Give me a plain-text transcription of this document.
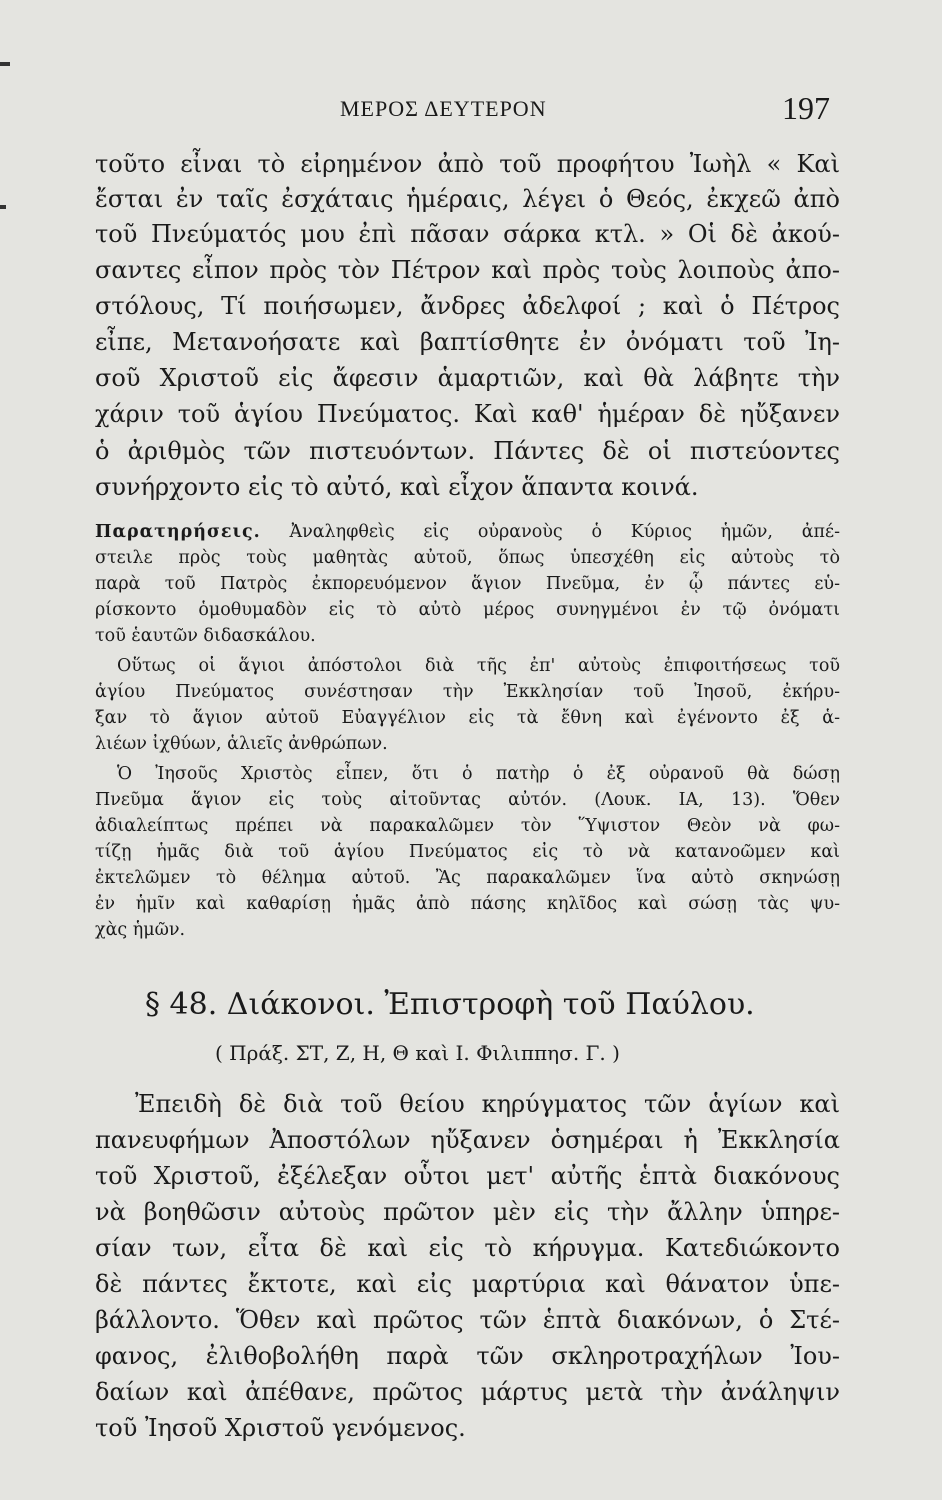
ΜΕΡΟΣ ΔΕΥΤΕΡΟΝ	197
τοῦτο εἶναι τὸ εἰρημένον ἀπὸ τοῦ προφήτου Ἰωὴλ « Καὶ
ἔσται ἐν ταῖς ἐσχάταις ἡμέραις, λέγει ὁ Θεός, ἐκχεῶ ἀπὸ
τοῦ Πνεύματός μου ἐπὶ πᾶσαν σάρκα κτλ. » Οἱ δὲ ἀκού-
σαντες εἶπον πρὸς τὸν Πέτρον καὶ πρὸς τοὺς λοιποὺς ἀπο-
στόλους, Τί ποιήσωμεν, ἄνδρες ἀδελφοί ; καὶ ὁ Πέτρος
εἶπε, Μετανοήσατε καὶ βαπτίσθητε ἐν ὀνόματι τοῦ Ἰη-
σοῦ Χριστοῦ εἰς ἄφεσιν ἁμαρτιῶν, καὶ θὰ λάβητε τὴν
χάριν τοῦ ἁγίου Πνεύματος. Καὶ καθ' ἡμέραν δὲ ηὔξανεν
ὁ ἀριθμὸς τῶν πιστευόντων. Πάντες δὲ οἱ πιστεύοντες
συνήρχοντο εἰς τὸ αὐτό, καὶ εἶχον ἅπαντα κοινά.
Παρατηρήσεις. Ἀναληφθεὶς εἰς οὐρανοὺς ὁ Κύριος ἡμῶν, ἀπέ-
στειλε πρὸς τοὺς μαθητὰς αὐτοῦ, ὅπως ὑπεσχέθη εἰς αὐτοὺς τὸ
παρὰ τοῦ Πατρὸς ἐκπορευόμενον ἅγιον Πνεῦμα, ἐν ᾧ πάντες εὑ-
ρίσκοντο ὁμοθυμαδὸν εἰς τὸ αὐτὸ μέρος συνηγμένοι ἐν τῷ ὀνόματι
τοῦ ἑαυτῶν διδασκάλου.
Οὕτως οἱ ἅγιοι ἀπόστολοι διὰ τῆς ἐπ' αὐτοὺς ἐπιφοιτήσεως τοῦ
ἁγίου Πνεύματος συνέστησαν τὴν Ἐκκλησίαν τοῦ Ἰησοῦ, ἐκήρυ-
ξαν τὸ ἅγιον αὐτοῦ Εὐαγγέλιον εἰς τὰ ἔθνη καὶ ἐγένοντο ἐξ ἁ-
λιέων ἰχθύων, ἁλιεῖς ἀνθρώπων.
Ὁ Ἰησοῦς Χριστὸς εἶπεν, ὅτι ὁ πατὴρ ὁ ἐξ οὐρανοῦ θὰ δώσῃ
Πνεῦμα ἅγιον εἰς τοὺς αἰτοῦντας αὐτόν. (Λουκ. ΙΑ, 13). Ὅθεν
ἀδιαλείπτως πρέπει νὰ παρακαλῶμεν τὸν Ὕψιστον Θεὸν νὰ φω-
τίζῃ ἡμᾶς διὰ τοῦ ἁγίου Πνεύματος εἰς τὸ νὰ κατανοῶμεν καὶ
ἐκτελῶμεν τὸ θέλημα αὐτοῦ. Ἂς παρακαλῶμεν ἵνα αὐτὸ σκηνώσῃ
ἐν ἡμῖν καὶ καθαρίσῃ ἡμᾶς ἀπὸ πάσης κηλῖδος καὶ σώσῃ τὰς ψυ-
χὰς ἡμῶν.
§ 48. Διάκονοι. Ἐπιστροφὴ τοῦ Παύλου.
( Πράξ. ΣΤ, Ζ, Η, Θ καὶ Ι. Φιλιππησ. Γ. )
Ἐπειδὴ δὲ διὰ τοῦ θείου κηρύγματος τῶν ἁγίων καὶ
πανευφήμων Ἀποστόλων ηὔξανεν ὁσημέραι ἡ Ἐκκλησία
τοῦ Χριστοῦ, ἐξέλεξαν οὗτοι μετ' αὐτῆς ἑπτὰ διακόνους
νὰ βοηθῶσιν αὐτοὺς πρῶτον μὲν εἰς τὴν ἄλλην ὑπηρε-
σίαν των, εἶτα δὲ καὶ εἰς τὸ κήρυγμα. Κατεδιώκοντο
δὲ πάντες ἔκτοτε, καὶ εἰς μαρτύρια καὶ θάνατον ὑπε-
βάλλοντο. Ὅθεν καὶ πρῶτος τῶν ἑπτὰ διακόνων, ὁ Στέ-
φανος, ἐλιθοβολήθη παρὰ τῶν σκληροτραχήλων Ἰου-
δαίων καὶ ἀπέθανε, πρῶτος μάρτυς μετὰ τὴν ἀνάληψιν
τοῦ Ἰησοῦ Χριστοῦ γενόμενος.
